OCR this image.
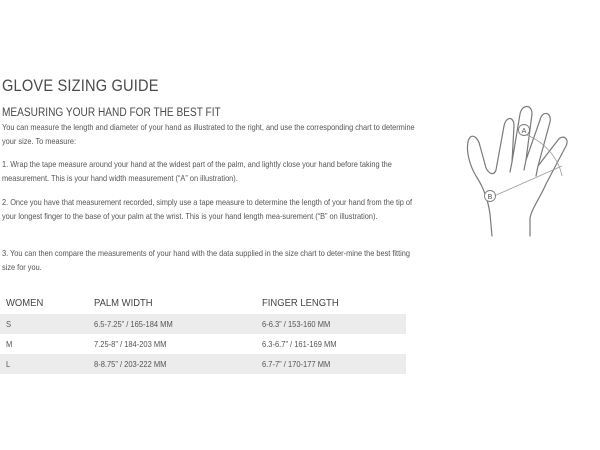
GLOVE SIZING GUIDE
MEASURING YOUR HAND FOR THE BEST FIT
You can measure the length and diameter of your hand as illustrated to the right, and use the corresponding chart to determine your size. To measure:
1. Wrap the tape measure around your hand at the widest part of the palm, and lightly close your hand before taking the measurement. This is your hand width measurement (“A” on illustration).
2. Once you have that measurement recorded, simply use a tape measure to determine the length of your hand from the tip of your longest finger to the base of your palm at the wrist. This is your hand length mea-surement (“B” on illustration).
3. You can then compare the measurements of your hand with the data supplied in the size chart to deter-mine the best fitting size for you.
A
B
WOMEN	PALM WIDTH	FINGER LENGTH
S	6.5-7.25” / 165-184 MM	6-6.3” / 153-160 MM
M	7.25-8” / 184-203 MM	6.3-6.7” / 161-169 MM
L	8-8.75” / 203-222 MM	6.7-7” / 170-177 MM
